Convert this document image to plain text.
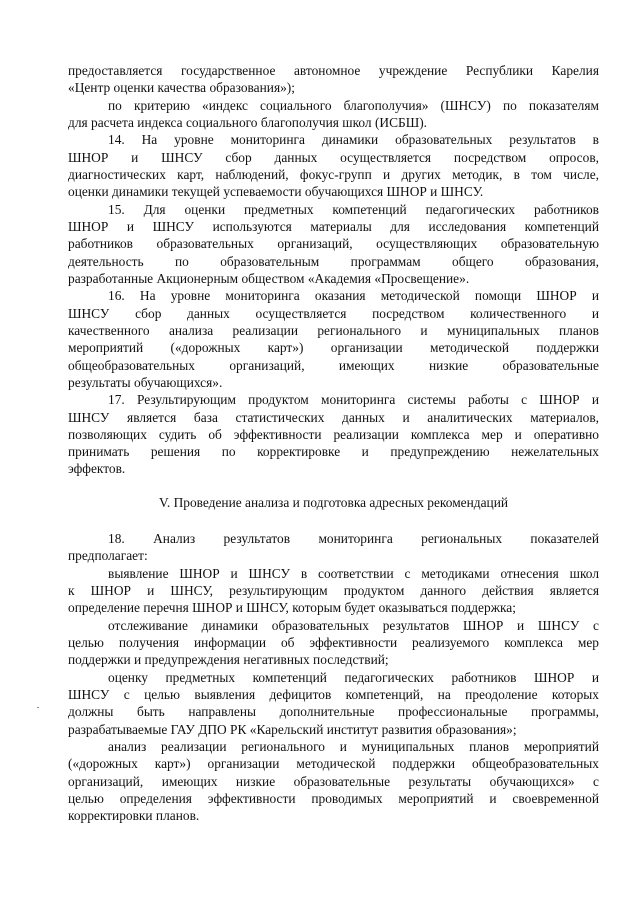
предоставляется государственное автономное учреждение Республики Карелия
«Центр оценки качества образования»);
по критерию «индекс социального благополучия» (ШНСУ) по показателям
для расчета индекса социального благополучия школ (ИСБШ).
14. На уровне мониторинга динамики образовательных результатов в
ШНОР и ШНСУ сбор данных осуществляется посредством опросов,
диагностических карт, наблюдений, фокус-групп и других методик, в том числе,
оценки динамики текущей успеваемости обучающихся ШНОР и ШНСУ.
15. Для оценки предметных компетенций педагогических работников
ШНОР и ШНСУ используются материалы для исследования компетенций
работников образовательных организаций, осуществляющих образовательную
деятельность по образовательным программам общего образования,
разработанные Акционерным обществом «Академия «Просвещение».
16. На уровне мониторинга оказания методической помощи ШНОР и
ШНСУ сбор данных осуществляется посредством количественного и
качественного анализа реализации регионального и муниципальных планов
мероприятий («дорожных карт») организации методической поддержки
общеобразовательных организаций, имеющих низкие образовательные
результаты обучающихся».
17. Результирующим продуктом мониторинга системы работы с ШНОР и
ШНСУ является база статистических данных и аналитических материалов,
позволяющих судить об эффективности реализации комплекса мер и оперативно
принимать решения по корректировке и предупреждению нежелательных
эффектов.
V. Проведение анализа и подготовка адресных рекомендаций
18. Анализ результатов мониторинга региональных показателей
предполагает:
выявление ШНОР и ШНСУ в соответствии с методиками отнесения школ
к ШНОР и ШНСУ, результирующим продуктом данного действия является
определение перечня ШНОР и ШНСУ, которым будет оказываться поддержка;
отслеживание динамики образовательных результатов ШНОР и ШНСУ с
целью получения информации об эффективности реализуемого комплекса мер
поддержки и предупреждения негативных последствий;
оценку предметных компетенций педагогических работников ШНОР и
ШНСУ с целью выявления дефицитов компетенций, на преодоление которых
должны быть направлены дополнительные профессиональные программы,
разрабатываемые ГАУ ДПО РК «Карельский институт развития образования»;
анализ реализации регионального и муниципальных планов мероприятий
(«дорожных карт») организации методической поддержки общеобразовательных
организаций, имеющих низкие образовательные результаты обучающихся» с
целью определения эффективности проводимых мероприятий и своевременной
корректировки планов.
